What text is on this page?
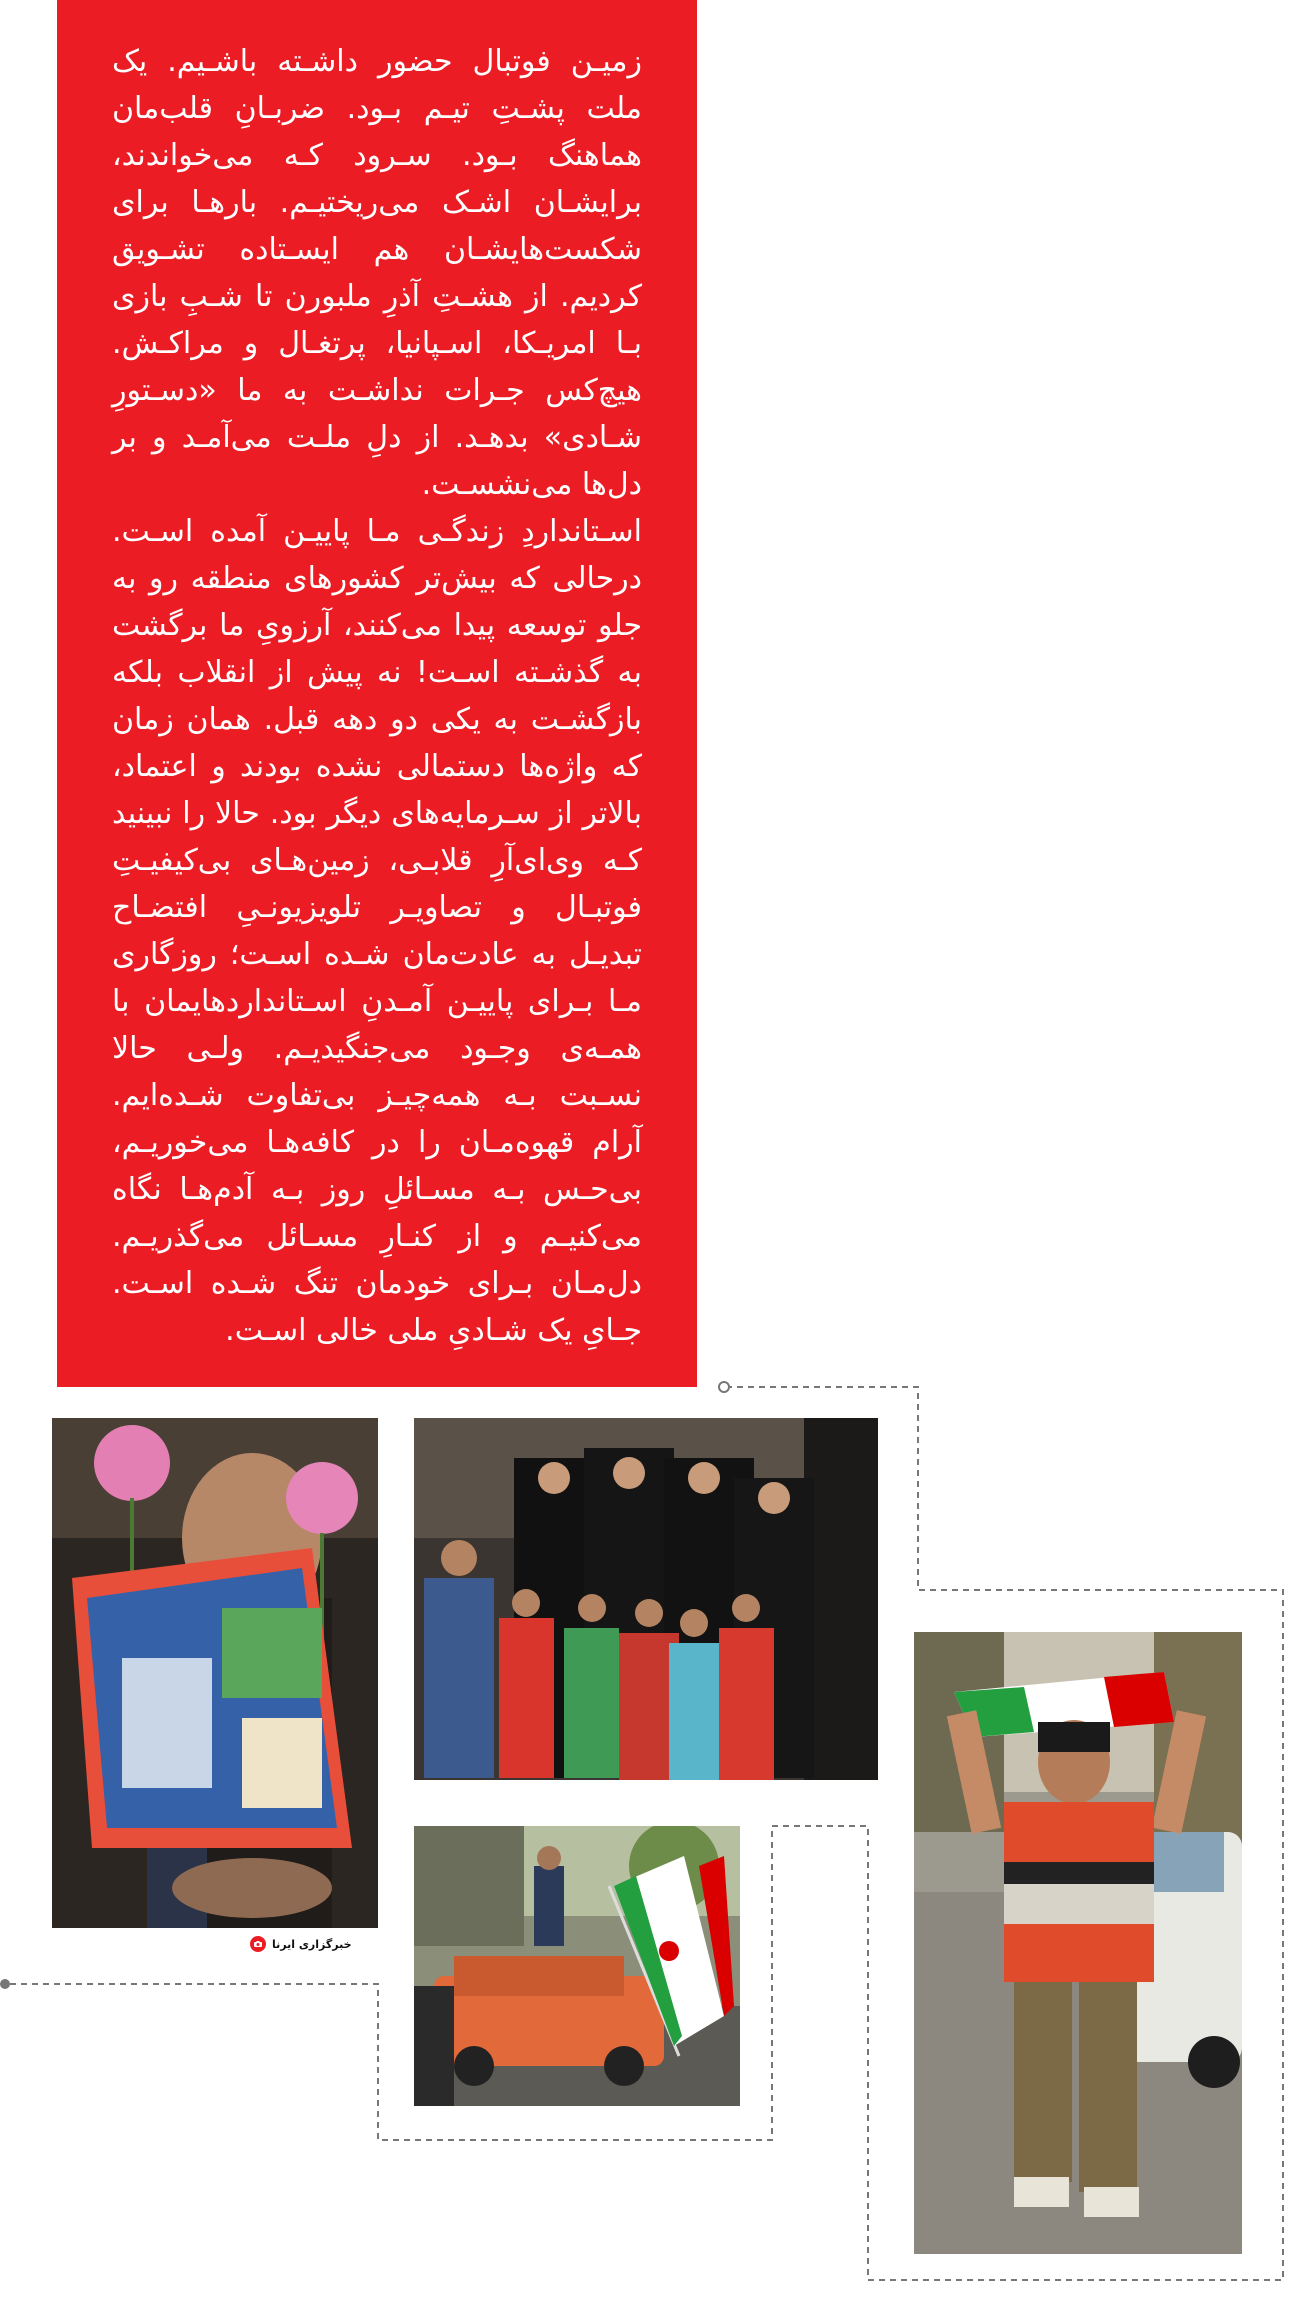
زمیـن فوتبال حضور داشـته باشـیم. یک ملت پشـتِ تیـم بـود. ضربـانِ قلب‌مان هماهنگ بـود. سـرود کـه می‌خواندند، برایشـان اشـک می‌ریختیـم. بارهـا برای شکست‌هایشـان هم ایسـتاده تشـویق کردیم. از هشـتِ آذرِ ملبورن تا شـبِ بازی بـا امریـکا، اسـپانیا، پرتغـال و مراکـش. هیچ‌کس جـرات نداشـت به ما «دسـتورِ شـادی» بدهـد. از دلِ ملـت می‌آمـد و بر دل‌ها می‌نشسـت.

اسـتانداردِ زندگـی مـا پاییـن آمده اسـت. درحالی که بیش‌تر کشورهای منطقه رو به جلو توسعه پیدا می‌کنند، آرزویِ ما برگشت به گذشـته اسـت! نه پیش از انقلاب بلکه بازگشـت به یکی دو دهه قبل. همان زمان که واژه‌ها دستمالی نشده بودند و اعتماد، بالاتر از سـرمایه‌های دیگر بود. حالا را نبینید کـه وی‌ای‌آرِ قلابـی، زمین‌هـای بی‌کیفیـتِ فوتبـال و تصاویـر تلویزیونـیِ افتضـاح تبدیـل به عادت‌مان شـده اسـت؛ روزگاری مـا بـرای پاییـن آمـدنِ اسـتانداردهایمان با همـه‌ی وجـود می‌جنگیدیـم. ولـی حالا نسـبت بـه همه‌چیـز بی‌تفاوت شـده‌ایم. آرام قهوه‌مـان را در کافه‌هـا می‌خوریـم، بی‌حـس بـه مسـائلِ روز بـه آدم‌هـا نگاه می‌کنیـم و از کنـارِ مسـائل می‌گذریـم. دل‌مـان بـرای خودمان تنگ شـده اسـت. جـایِ یک شـادیِ ملی خالی اسـت.

خبرگزاری ایرنا
